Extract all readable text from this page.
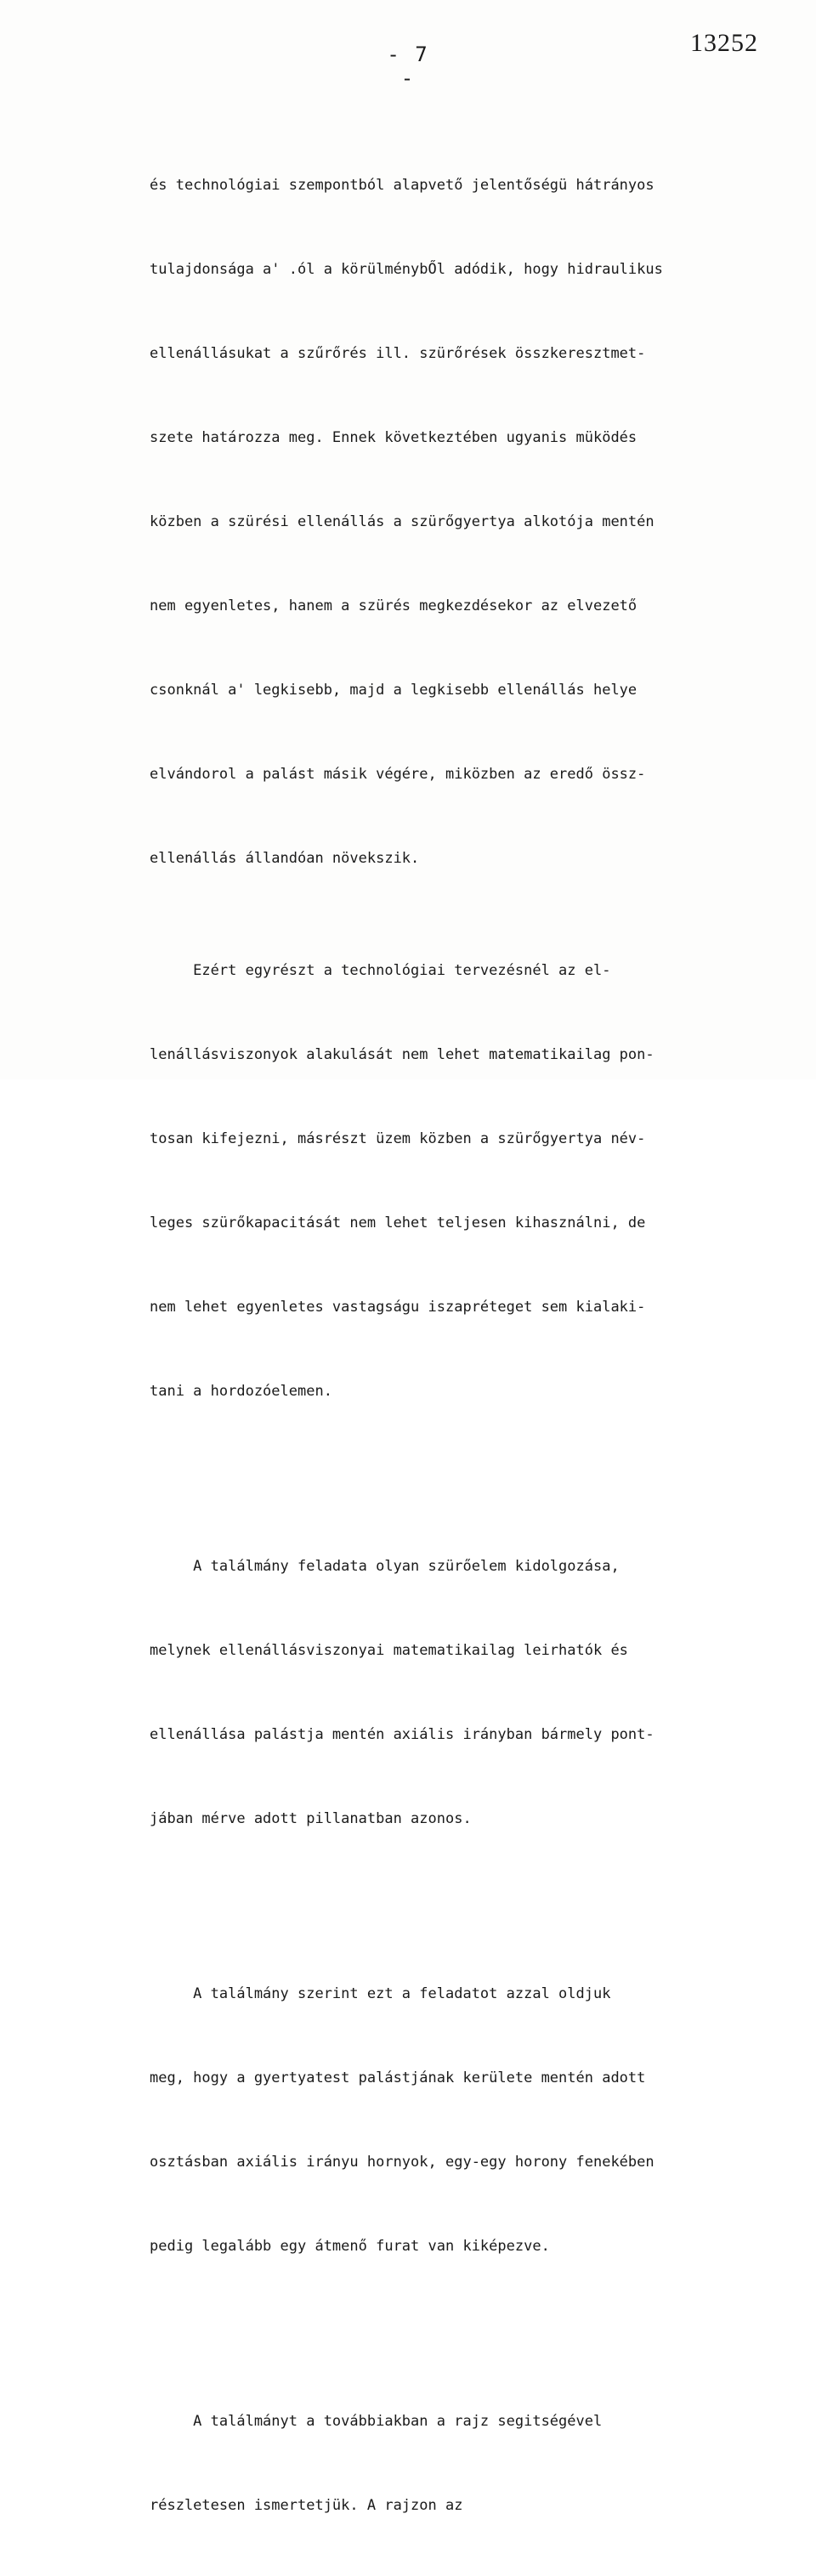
- 7 -
13252

és technológiai szempontból alapvető jelentőségü hátrányos

tulajdonsága a' .ól a körülménybŐl adódik, hogy hidraulikus

ellenállásukat a szűrőrés ill. szürőrések összkeresztmet-

szete határozza meg. Ennek következtében ugyanis müködés

közben a szürési ellenállás a szürőgyertya alkotója mentén

nem egyenletes, hanem a szürés megkezdésekor az elvezető

csonknál a' legkisebb, majd a legkisebb ellenállás helye

elvándorol a palást másik végére, miközben az eredő össz-

ellenállás állandóan növekszik.

Ezért egyrészt a technológiai tervezésnél az el-

lenállásviszonyok alakulását nem lehet matematikailag pon-

tosan kifejezni, másrészt üzem közben a szürőgyertya név-

leges szürőkapacitását nem lehet teljesen kihasználni, de

nem lehet egyenletes vastagságu iszapréteget sem kialaki-

tani a hordozóelemen.

A találmány feladata olyan szürőelem kidolgozása,

melynek ellenállásviszonyai matematikailag leirhatók és

ellenállása palástja mentén axiális irányban bármely pont-

jában mérve adott pillanatban azonos.

A találmány szerint ezt a feladatot azzal oldjuk

meg, hogy a gyertyatest palástjának kerülete mentén adott

osztásban axiális irányu hornyok, egy-egy horony fenekében

pedig legalább egy átmenő furat van kiképezve.

A találmányt a továbbiakban a rajz segitségével

részletesen ismertetjük. A rajzon az
